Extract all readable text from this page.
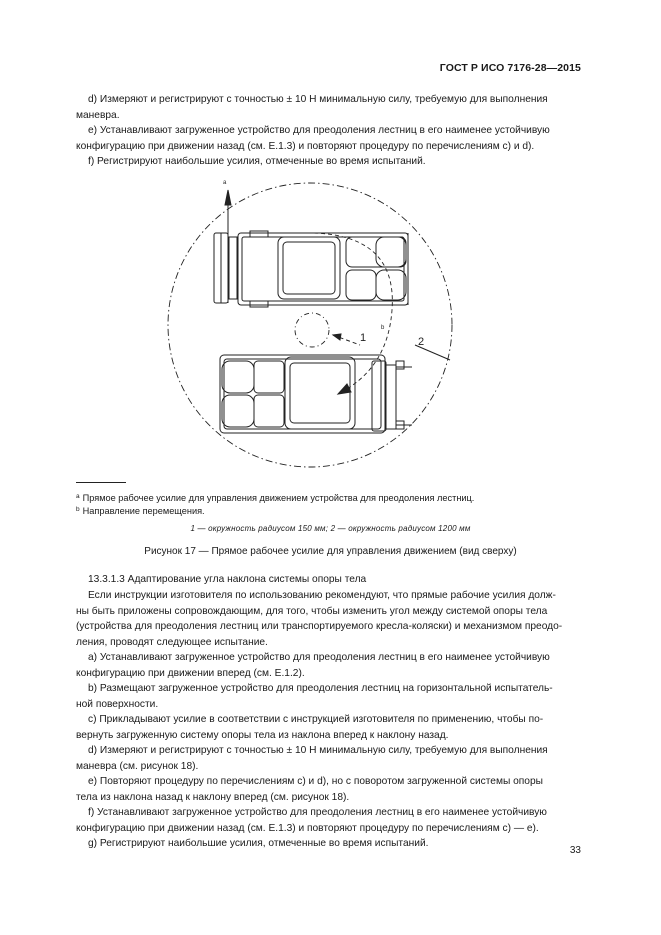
ГОСТ Р ИСО 7176-28—2015
d) Измеряют и регистрируют с точностью ± 10 Н минимальную силу, требуемую для выполнения
маневра.
e) Устанавливают загруженное устройство для преодоления лестниц в его наименее устойчивую
конфигурацию при движении назад (см. Е.1.3) и повторяют процедуру по перечислениям с) и d).
f) Регистрируют наибольшие усилия, отмеченные во время испытаний.
a
b
1	2
$^a$ Прямое рабочее усилие для управления движением устройства для преодоления лестниц.
$^b$ Направление перемещения.
1 — окружность радиусом 150 мм; 2 — окружность радиусом 1200 мм
Рисунок 17 — Прямое рабочее усилие для управления движением (вид сверху)
13.3.1.3 Адаптирование угла наклона системы опоры тела
Если инструкции изготовителя по использованию рекомендуют, что прямые рабочие усилия долж-
ны быть приложены сопровождающим, для того, чтобы изменить угол между системой опоры тела
(устройства для преодоления лестниц или транспортируемого кресла-коляски) и механизмом преодо-
ления, проводят следующее испытание.
a) Устанавливают загруженное устройство для преодоления лестниц в его наименее устойчивую
конфигурацию при движении вперед (см. Е.1.2).
b) Размещают загруженное устройство для преодоления лестниц на горизонтальной испытатель-
ной поверхности.
c) Прикладывают усилие в соответствии с инструкцией изготовителя по применению, чтобы по-
вернуть загруженную систему опоры тела из наклона вперед к наклону назад.
d) Измеряют и регистрируют с точностью ± 10 Н минимальную силу, требуемую для выполнения
маневра (см. рисунок 18).
e) Повторяют процедуру по перечислениям с) и d), но с поворотом загруженной системы опоры
тела из наклона назад к наклону вперед (см. рисунок 18).
f) Устанавливают загруженное устройство для преодоления лестниц в его наименее устойчивую
конфигурацию при движении назад (см. Е.1.3) и повторяют процедуру по перечислениям с) — е).
g) Регистрируют наибольшие усилия, отмеченные во время испытаний.
33
